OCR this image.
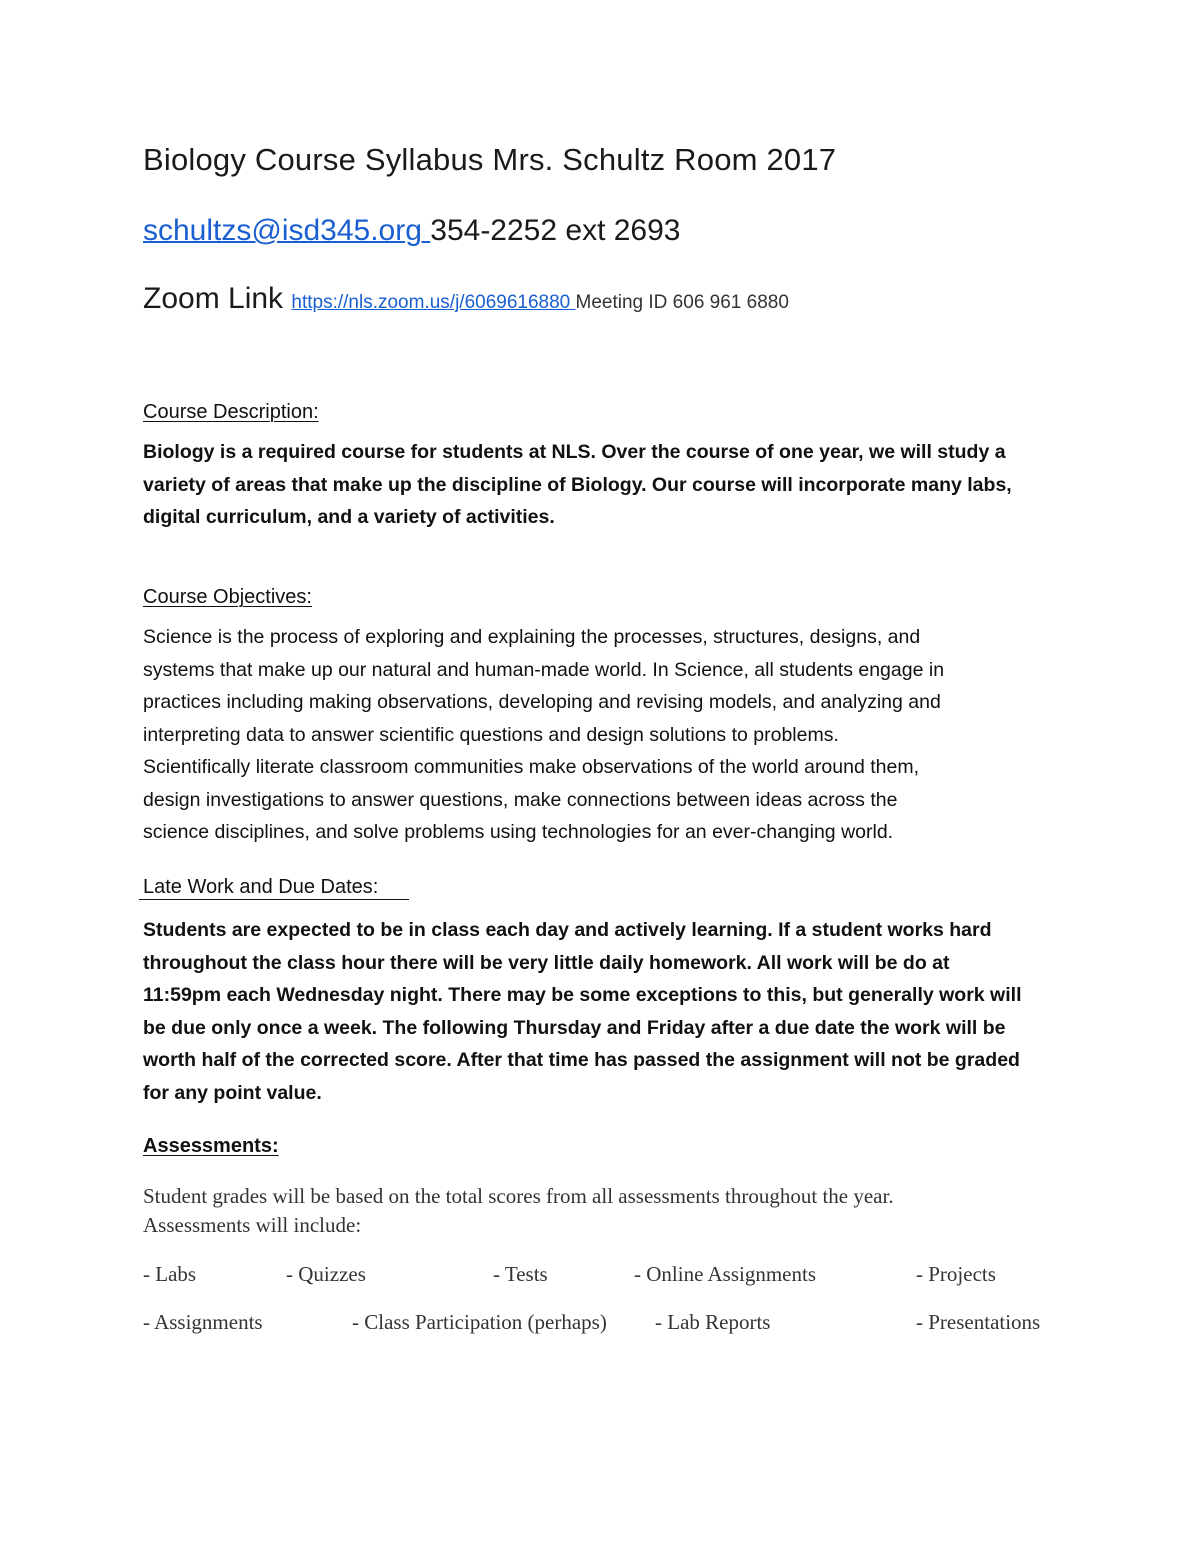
Biology Course Syllabus Mrs. Schultz Room 2017
schultzs@isd345.org 354-2252 ext 2693
Zoom Link https://nls.zoom.us/j/6069616880 Meeting ID 606 961 6880
Course Description:
Biology is a required course for students at NLS. Over the course of one year, we will study a
variety of areas that make up the discipline of Biology. Our course will incorporate many labs,
digital curriculum, and a variety of activities.
Course Objectives:
Science is the process of exploring and explaining the processes, structures, designs, and
systems that make up our natural and human-made world. In Science, all students engage in
practices including making observations, developing and revising models, and analyzing and
interpreting data to answer scientific questions and design solutions to problems.
Scientifically literate classroom communities make observations of the world around them,
design investigations to answer questions, make connections between ideas across the
science disciplines, and solve problems using technologies for an ever-changing world.
Late Work and Due Dates:
Students are expected to be in class each day and actively learning. If a student works hard
throughout the class hour there will be very little daily homework. All work will be do at
11:59pm each Wednesday night. There may be some exceptions to this, but generally work will
be due only once a week. The following Thursday and Friday after a due date the work will be
worth half of the corrected score. After that time has passed the assignment will not be graded
for any point value.
Assessments:
Student grades will be based on the total scores from all assessments throughout the year.
Assessments will include:
- Labs	- Quizzes	- Tests	- Online Assignments	- Projects
- Assignments	- Class Participation (perhaps) - Lab Reports	- Presentations
